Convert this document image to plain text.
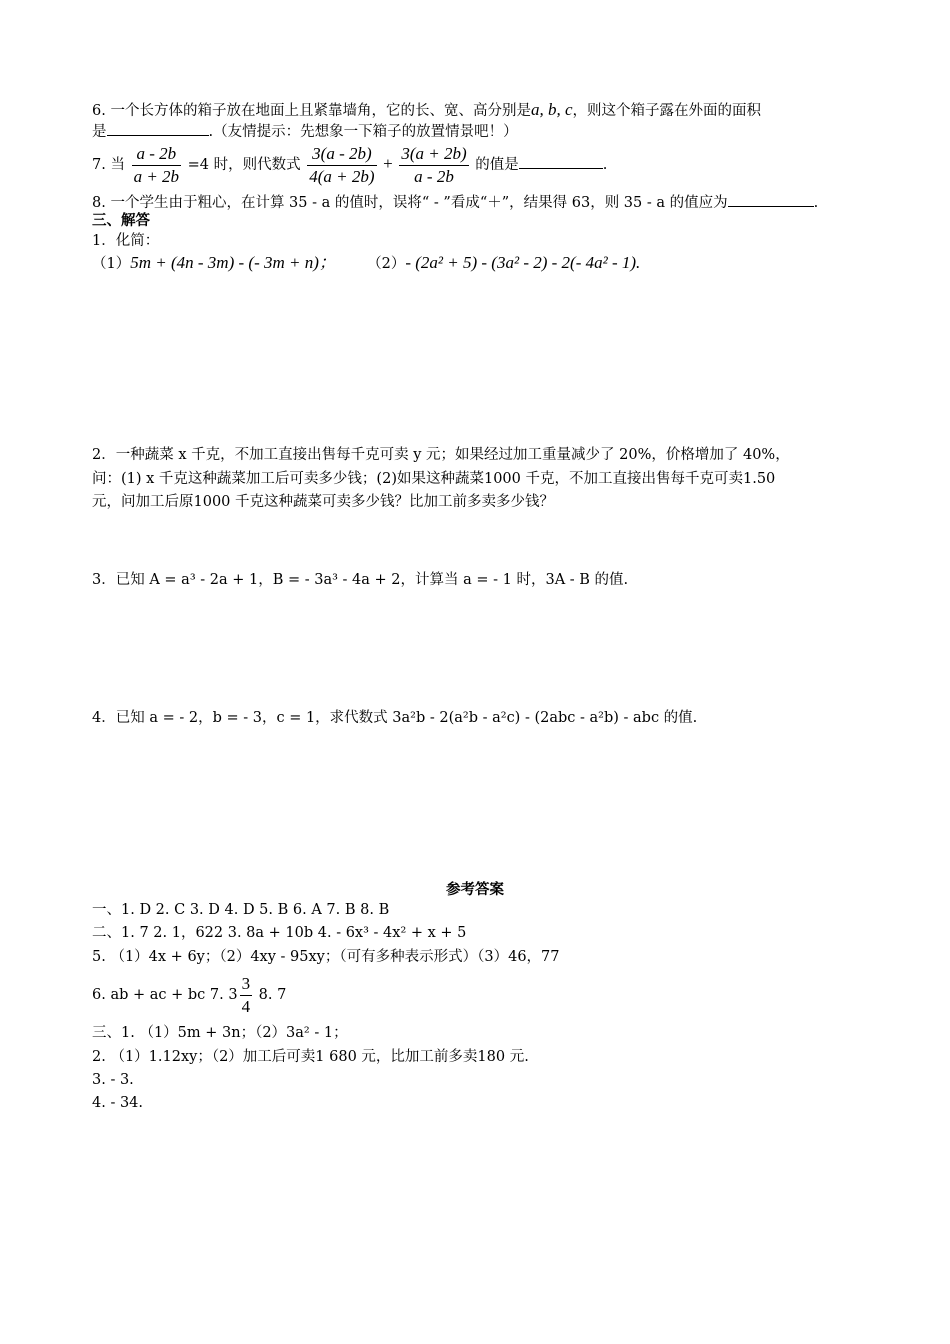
6. 一个长方体的箱子放在地面上且紧靠墙角，它的长、宽、高分别是a, b, c，则这个箱子露在外面的面积
是	.（友情提示：先想象一下箱子的放置情景吧！）
7. 当 $\frac{a - 2b}{a + 2b} =4$ 时，则代数式 $\frac{3(a - 2b)}{4(a + 2b)} + \frac{3(a + 2b)}{a - 2b}$ 的值是	.
8. 一个学生由于粗心，在计算 35 - a 的值时，误将“ - ”看成“＋”，结果得 63，则 35 - a 的值应为	.
三、解答
1．化简：
（1）5m + (4n - 3m) - (- 3m + n)； （2）- (2a² + 5) - (3a² - 2) - 2(- 4a² - 1).
2．一种蔬菜 x 千克，不加工直接出售每千克可卖 y 元；如果经过加工重量减少了 20%，价格增加了 40%，
问：(1) x 千克这种蔬菜加工后可卖多少钱；(2)如果这种蔬菜1000 千克，不加工直接出售每千克可卖1.50
元，问加工后原1000 千克这种蔬菜可卖多少钱？比加工前多卖多少钱？
3．已知 A = a³ - 2a + 1，B = - 3a³ - 4a + 2，计算当 a = - 1 时，3A - B 的值.
4．已知 a = - 2，b = - 3，c = 1，求代数式 3a²b - 2(a²b - a²c) - (2abc - a²b) - abc 的值.
参考答案
一、1. D 2. C 3. D 4. D 5. B 6. A 7. B 8. B
二、1. 7 2. 1，622 3. 8a + 10b 4. - 6x³ - 4x² + x + 5
5. （1）4x + 6y；（2）4xy - 95xy；（可有多种表示形式）（3）46，77
6. ab + ac + bc 7. $3 \frac{3}{4} 8$. 7
三、1. （1）5m + 3n；（2）3a² - 1；
2. （1）1.12xy；（2）加工后可卖1 680 元，比加工前多卖180 元.
3. - 3.
4. - 34.
